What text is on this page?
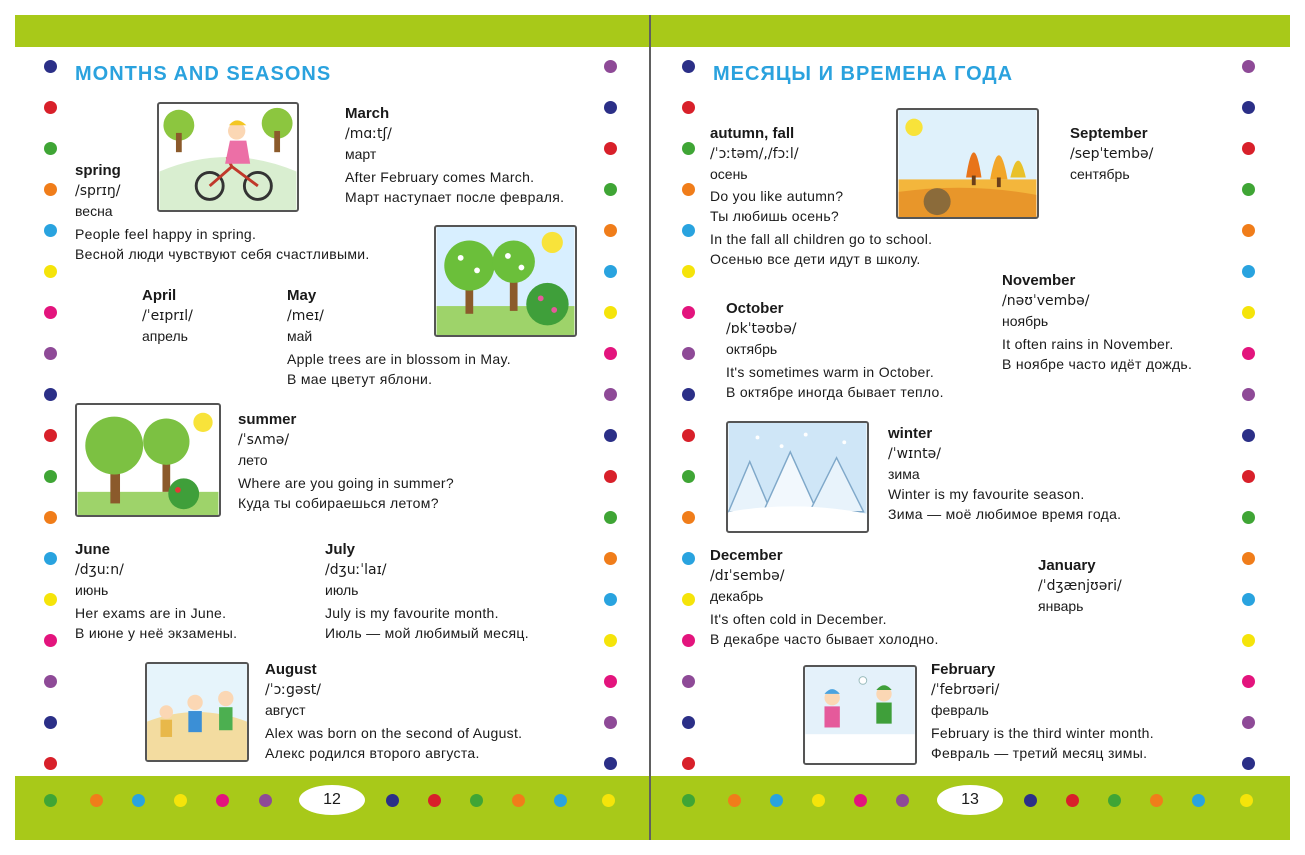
12	13
MONTHS AND SEASONS
March
/mɑːtʃ/
март
After February comes March.
Март наступает после февраля.
spring
/sprɪŋ/
весна
People feel happy in spring.
Весной люди чувствуют себя счастливыми.
April
/ˈeɪprɪl/
апрель
May
/meɪ/
май
Apple trees are in blossom in May.
В мае цветут яблони.
summer
/ˈsʌmə/
лето
Where are you going in summer?
Куда ты собираешься летом?
June
/dʒuːn/
июнь
Her exams are in June.
В июне у неё экзамены.
July
/dʒuːˈlaɪ/
июль
July is my favourite month.
Июль — мой любимый месяц.
August
/ˈɔːgəst/
август
Alex was born on the second of August.
Алекс родился второго августа.
МЕСЯЦЫ И ВРЕМЕНА ГОДА
autumn, fall
/ˈɔːtəm/,/fɔːl/
осень
Do you like autumn?
Ты любишь осень?
In the fall all children go to school.
Осенью все дети идут в школу.
September
/sepˈtembə/
сентябрь
November
/nəʊˈvembə/
ноябрь
It often rains in November.
В ноябре часто идёт дождь.
October
/ɒkˈtəʊbə/
октябрь
It's sometimes warm in October.
В октябре иногда бывает тепло.
winter
/ˈwɪntə/
зима
Winter is my favourite season.
Зима — моё любимое время года.
December
/dɪˈsembə/
декабрь
It's often cold in December.
В декабре часто бывает холодно.
January
/ˈdʒænjʊəri/
январь
February
/ˈfebrʊəri/
февраль
February is the third winter month.
Февраль — третий месяц зимы.
